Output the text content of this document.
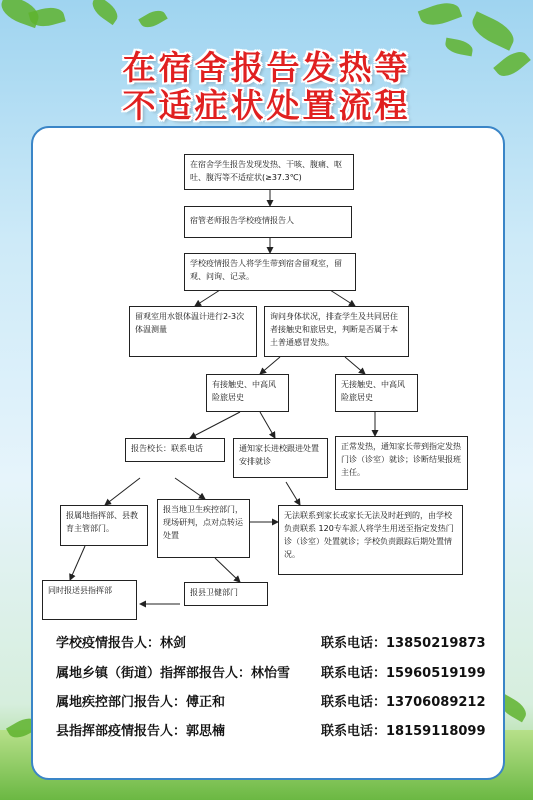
在宿舍报告发热等
不适症状处置流程
在宿舍学生报告发现发热、干咳、腹痛、呕吐、腹泻等不适症状(≥37.3℃)
宿管老师报告学校疫情报告人
学校疫情报告人将学生带到宿舍留观室，留观、问询、记录。
留观室用水银体温计进行2-3次体温测量
询问身体状况，排查学生及共同居住者接触史和旅居史，判断是否属于本土普通感冒发热。
有接触史、中高风险旅居史
无接触史、中高风险旅居史
报告校长：联系电话	通知家长进校跟进处置安排就诊
正常发热，通知家长带到指定发热门诊（诊室）就诊；诊断结果报班主任。
报属地指挥部、县教育主管部门。
报当地卫生疾控部门，现场研判，点对点转运处置
无法联系到家长或家长无法及时赶到的，由学校负责联系 120专车派人将学生用送至指定发热门诊（诊室）处置就诊；学校负责跟踪后期处置情况。
同时报送县指挥部	报县卫健部门
学校疫情报告人：林剑	联系电话：13850219873
属地乡镇（街道）指挥部报告人：林怡雪 联系电话：15960519199
属地疾控部门报告人：傅正和	联系电话：13706089212
县指挥部疫情报告人：郭思楠	联系电话：18159118099
